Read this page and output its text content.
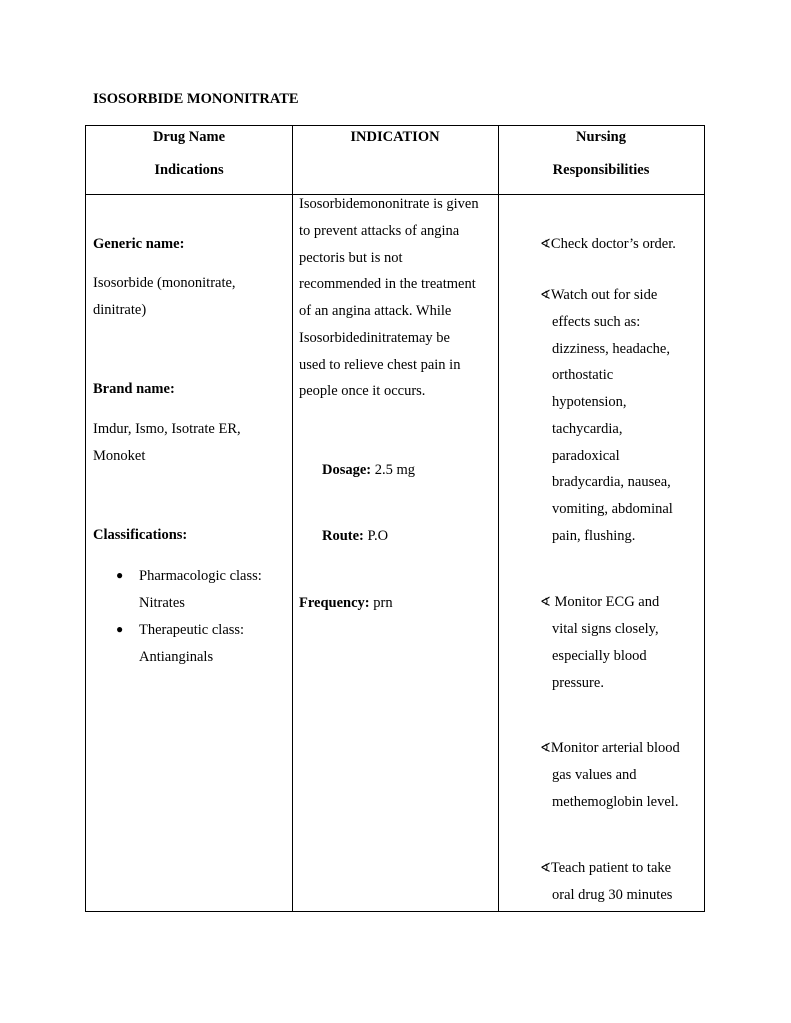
ISOSORBIDE MONONITRATE
Drug Name
Indications
INDICATION	Nursing
Responsibilities
Generic name:
Isosorbide (mononitrate,
dinitrate)
Brand name:
Imdur, Ismo, Isotrate ER,
Monoket
Classifications:
● Pharmacologic class:
Nitrates
● Therapeutic class:
Antianginals
Isosorbidemononitrate is given
to prevent attacks of angina
pectoris but is not
recommended in the treatment
of an angina attack. While
Isosorbidedinitratemay be
used to relieve chest pain in
people once it occurs.
Dosage: 2.5 mg
Route: P.O
Frequency: prn
∢Check doctor’s order.
∢Watch out for side
effects such as:
dizziness, headache,
orthostatic
hypotension,
tachycardia,
paradoxical
bradycardia, nausea,
vomiting, abdominal
pain, flushing.
∢ Monitor ECG and
vital signs closely,
especially blood
pressure.
∢Monitor arterial blood
gas values and
methemoglobin level.
∢Teach patient to take
oral drug 30 minutes
